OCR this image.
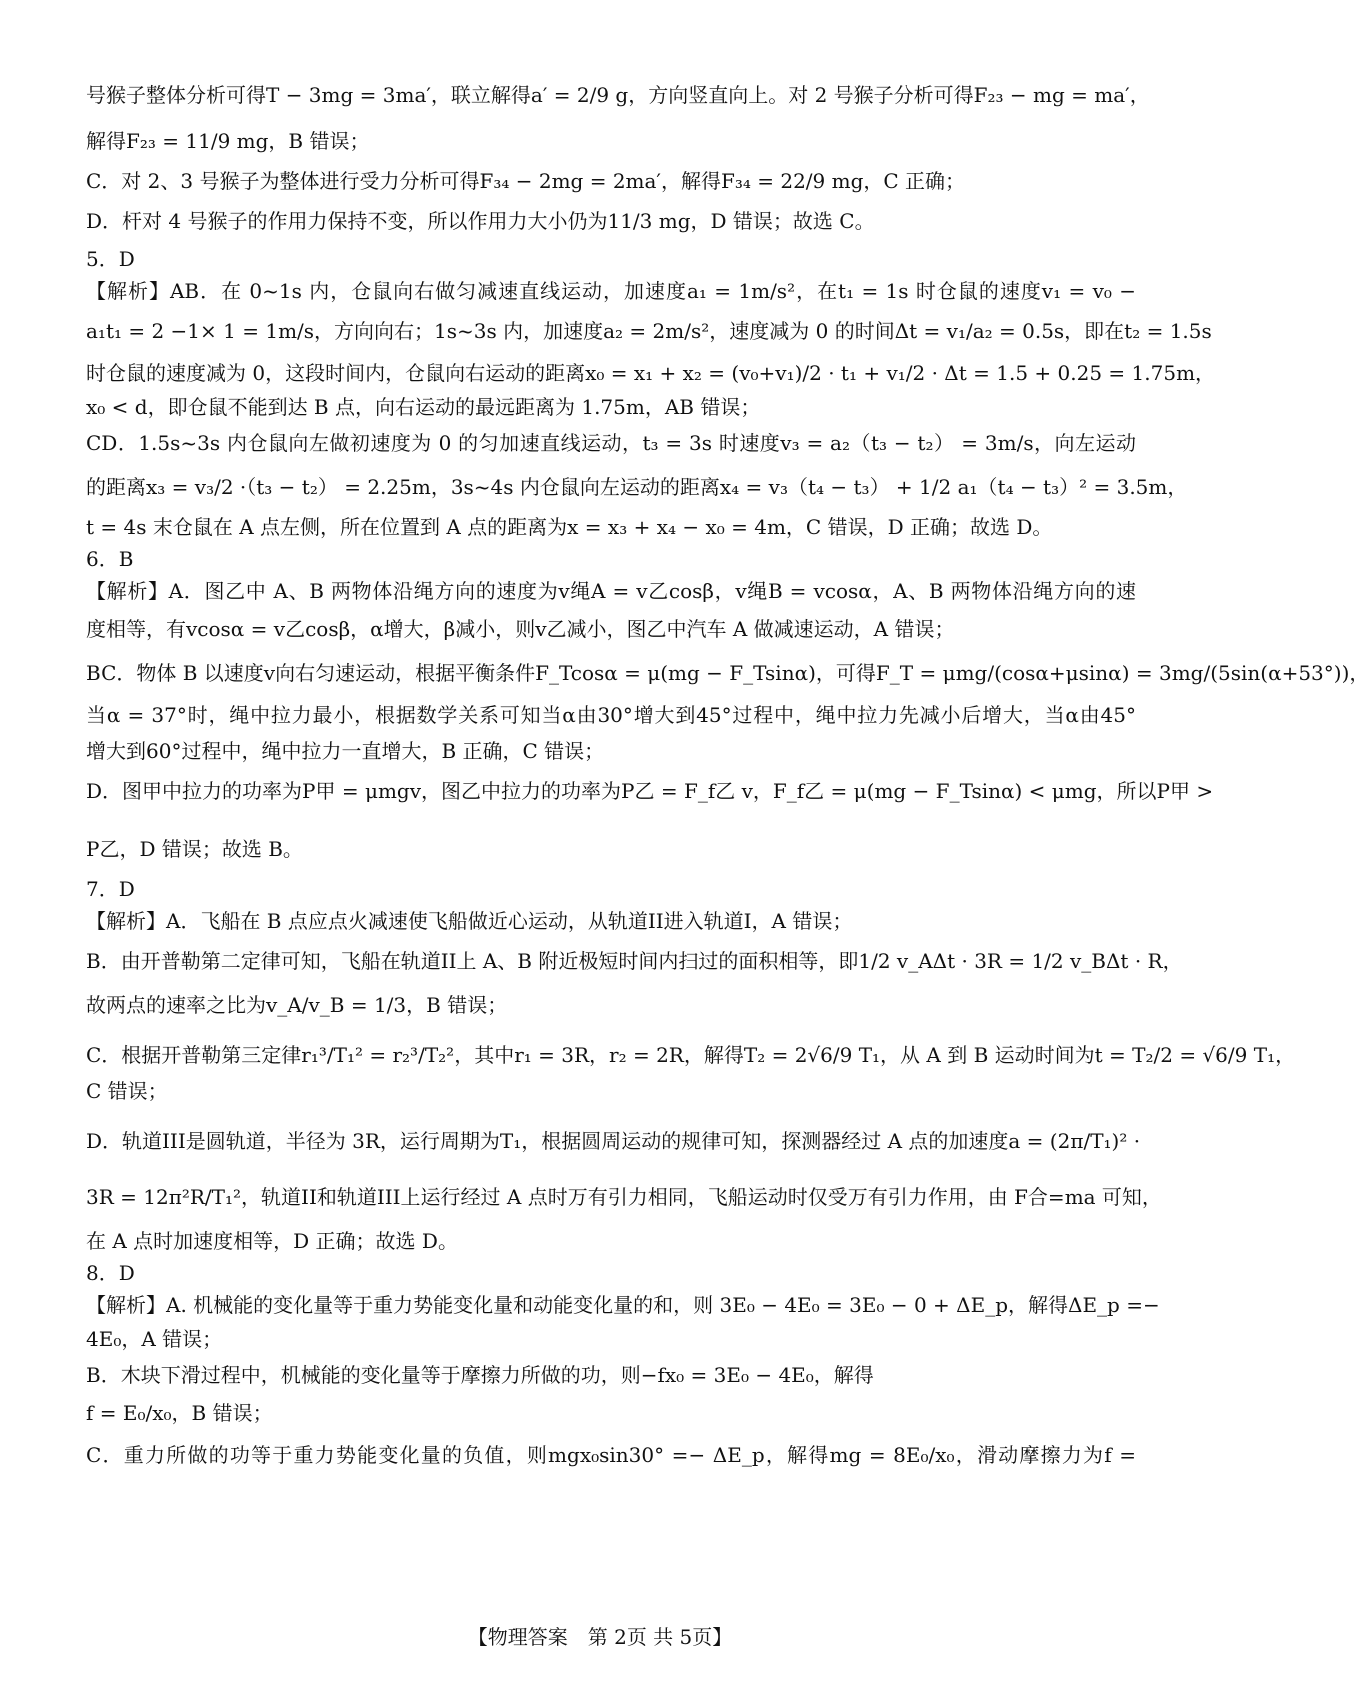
号猴子整体分析可得T − 3mg = 3ma′，联立解得a′ = 2/9 g，方向竖直向上。对 2 号猴子分析可得F₂₃ − mg = ma′，
解得F₂₃ = 11/9 mg，B 错误；
C．对 2、3 号猴子为整体进行受力分析可得F₃₄ − 2mg = 2ma′，解得F₃₄ = 22/9 mg，C 正确；
D．杆对 4 号猴子的作用力保持不变，所以作用力大小仍为11/3 mg，D 错误；故选 C。
5．D
【解析】AB．在 0~1s 内，仓鼠向右做匀减速直线运动，加速度a₁ = 1m/s²，在t₁ = 1s 时仓鼠的速度v₁ = v₀ −
a₁t₁ = 2 −1× 1 = 1m/s，方向向右；1s~3s 内，加速度a₂ = 2m/s²，速度减为 0 的时间Δt = v₁/a₂ = 0.5s，即在t₂ = 1.5s
时仓鼠的速度减为 0，这段时间内，仓鼠向右运动的距离x₀ = x₁ + x₂ = (v₀+v₁)/2 · t₁ + v₁/2 · Δt = 1.5 + 0.25 = 1.75m，
x₀ < d，即仓鼠不能到达 B 点，向右运动的最远距离为 1.75m，AB 错误；
CD．1.5s~3s 内仓鼠向左做初速度为 0 的匀加速直线运动，t₃ = 3s 时速度v₃ = a₂（t₃ − t₂） = 3m/s，向左运动
的距离x₃ = v₃/2 ·（t₃ − t₂） = 2.25m，3s~4s 内仓鼠向左运动的距离x₄ = v₃（t₄ − t₃） + 1/2 a₁（t₄ − t₃）² = 3.5m，
t = 4s 末仓鼠在 A 点左侧，所在位置到 A 点的距离为x = x₃ + x₄ − x₀ = 4m，C 错误，D 正确；故选 D。
6．B
【解析】A．图乙中 A、B 两物体沿绳方向的速度为v绳A = v乙cosβ，v绳B = vcosα，A、B 两物体沿绳方向的速
度相等，有vcosα = v乙cosβ，α增大，β减小，则v乙减小，图乙中汽车 A 做减速运动，A 错误；
BC．物体 B 以速度v向右匀速运动，根据平衡条件F_Tcosα = μ(mg − F_Tsinα)，可得F_T = μmg/(cosα+μsinα) = 3mg/(5sin(α+53°))，
当α = 37°时，绳中拉力最小，根据数学关系可知当α由30°增大到45°过程中，绳中拉力先减小后增大，当α由45°
增大到60°过程中，绳中拉力一直增大，B 正确，C 错误；
D．图甲中拉力的功率为P甲 = μmgv，图乙中拉力的功率为P乙 = F_f乙 v，F_f乙 = μ(mg − F_Tsinα) < μmg，所以P甲 >
P乙，D 错误；故选 B。
7．D
【解析】A．飞船在 B 点应点火减速使飞船做近心运动，从轨道II进入轨道I，A 错误；
B．由开普勒第二定律可知，飞船在轨道II上 A、B 附近极短时间内扫过的面积相等，即1/2 v_AΔt · 3R = 1/2 v_BΔt · R，
故两点的速率之比为v_A/v_B = 1/3，B 错误；
C．根据开普勒第三定律r₁³/T₁² = r₂³/T₂²，其中r₁ = 3R，r₂ = 2R，解得T₂ = 2√6/9 T₁，从 A 到 B 运动时间为t = T₂/2 = √6/9 T₁，
C 错误；
D．轨道III是圆轨道，半径为 3R，运行周期为T₁，根据圆周运动的规律可知，探测器经过 A 点的加速度a = (2π/T₁)² ·
3R = 12π²R/T₁²，轨道II和轨道III上运行经过 A 点时万有引力相同，飞船运动时仅受万有引力作用，由 F合=ma 可知，
在 A 点时加速度相等，D 正确；故选 D。
8．D
【解析】A. 机械能的变化量等于重力势能变化量和动能变化量的和，则 3E₀ − 4E₀ = 3E₀ − 0 + ΔE_p，解得ΔE_p =−
4E₀，A 错误；
B．木块下滑过程中，机械能的变化量等于摩擦力所做的功，则−fx₀ = 3E₀ − 4E₀，解得
f = E₀/x₀，B 错误；
C．重力所做的功等于重力势能变化量的负值，则mgx₀sin30° =− ΔE_p，解得mg = 8E₀/x₀，滑动摩擦力为f =
【物理答案　第 2页 共 5页】
